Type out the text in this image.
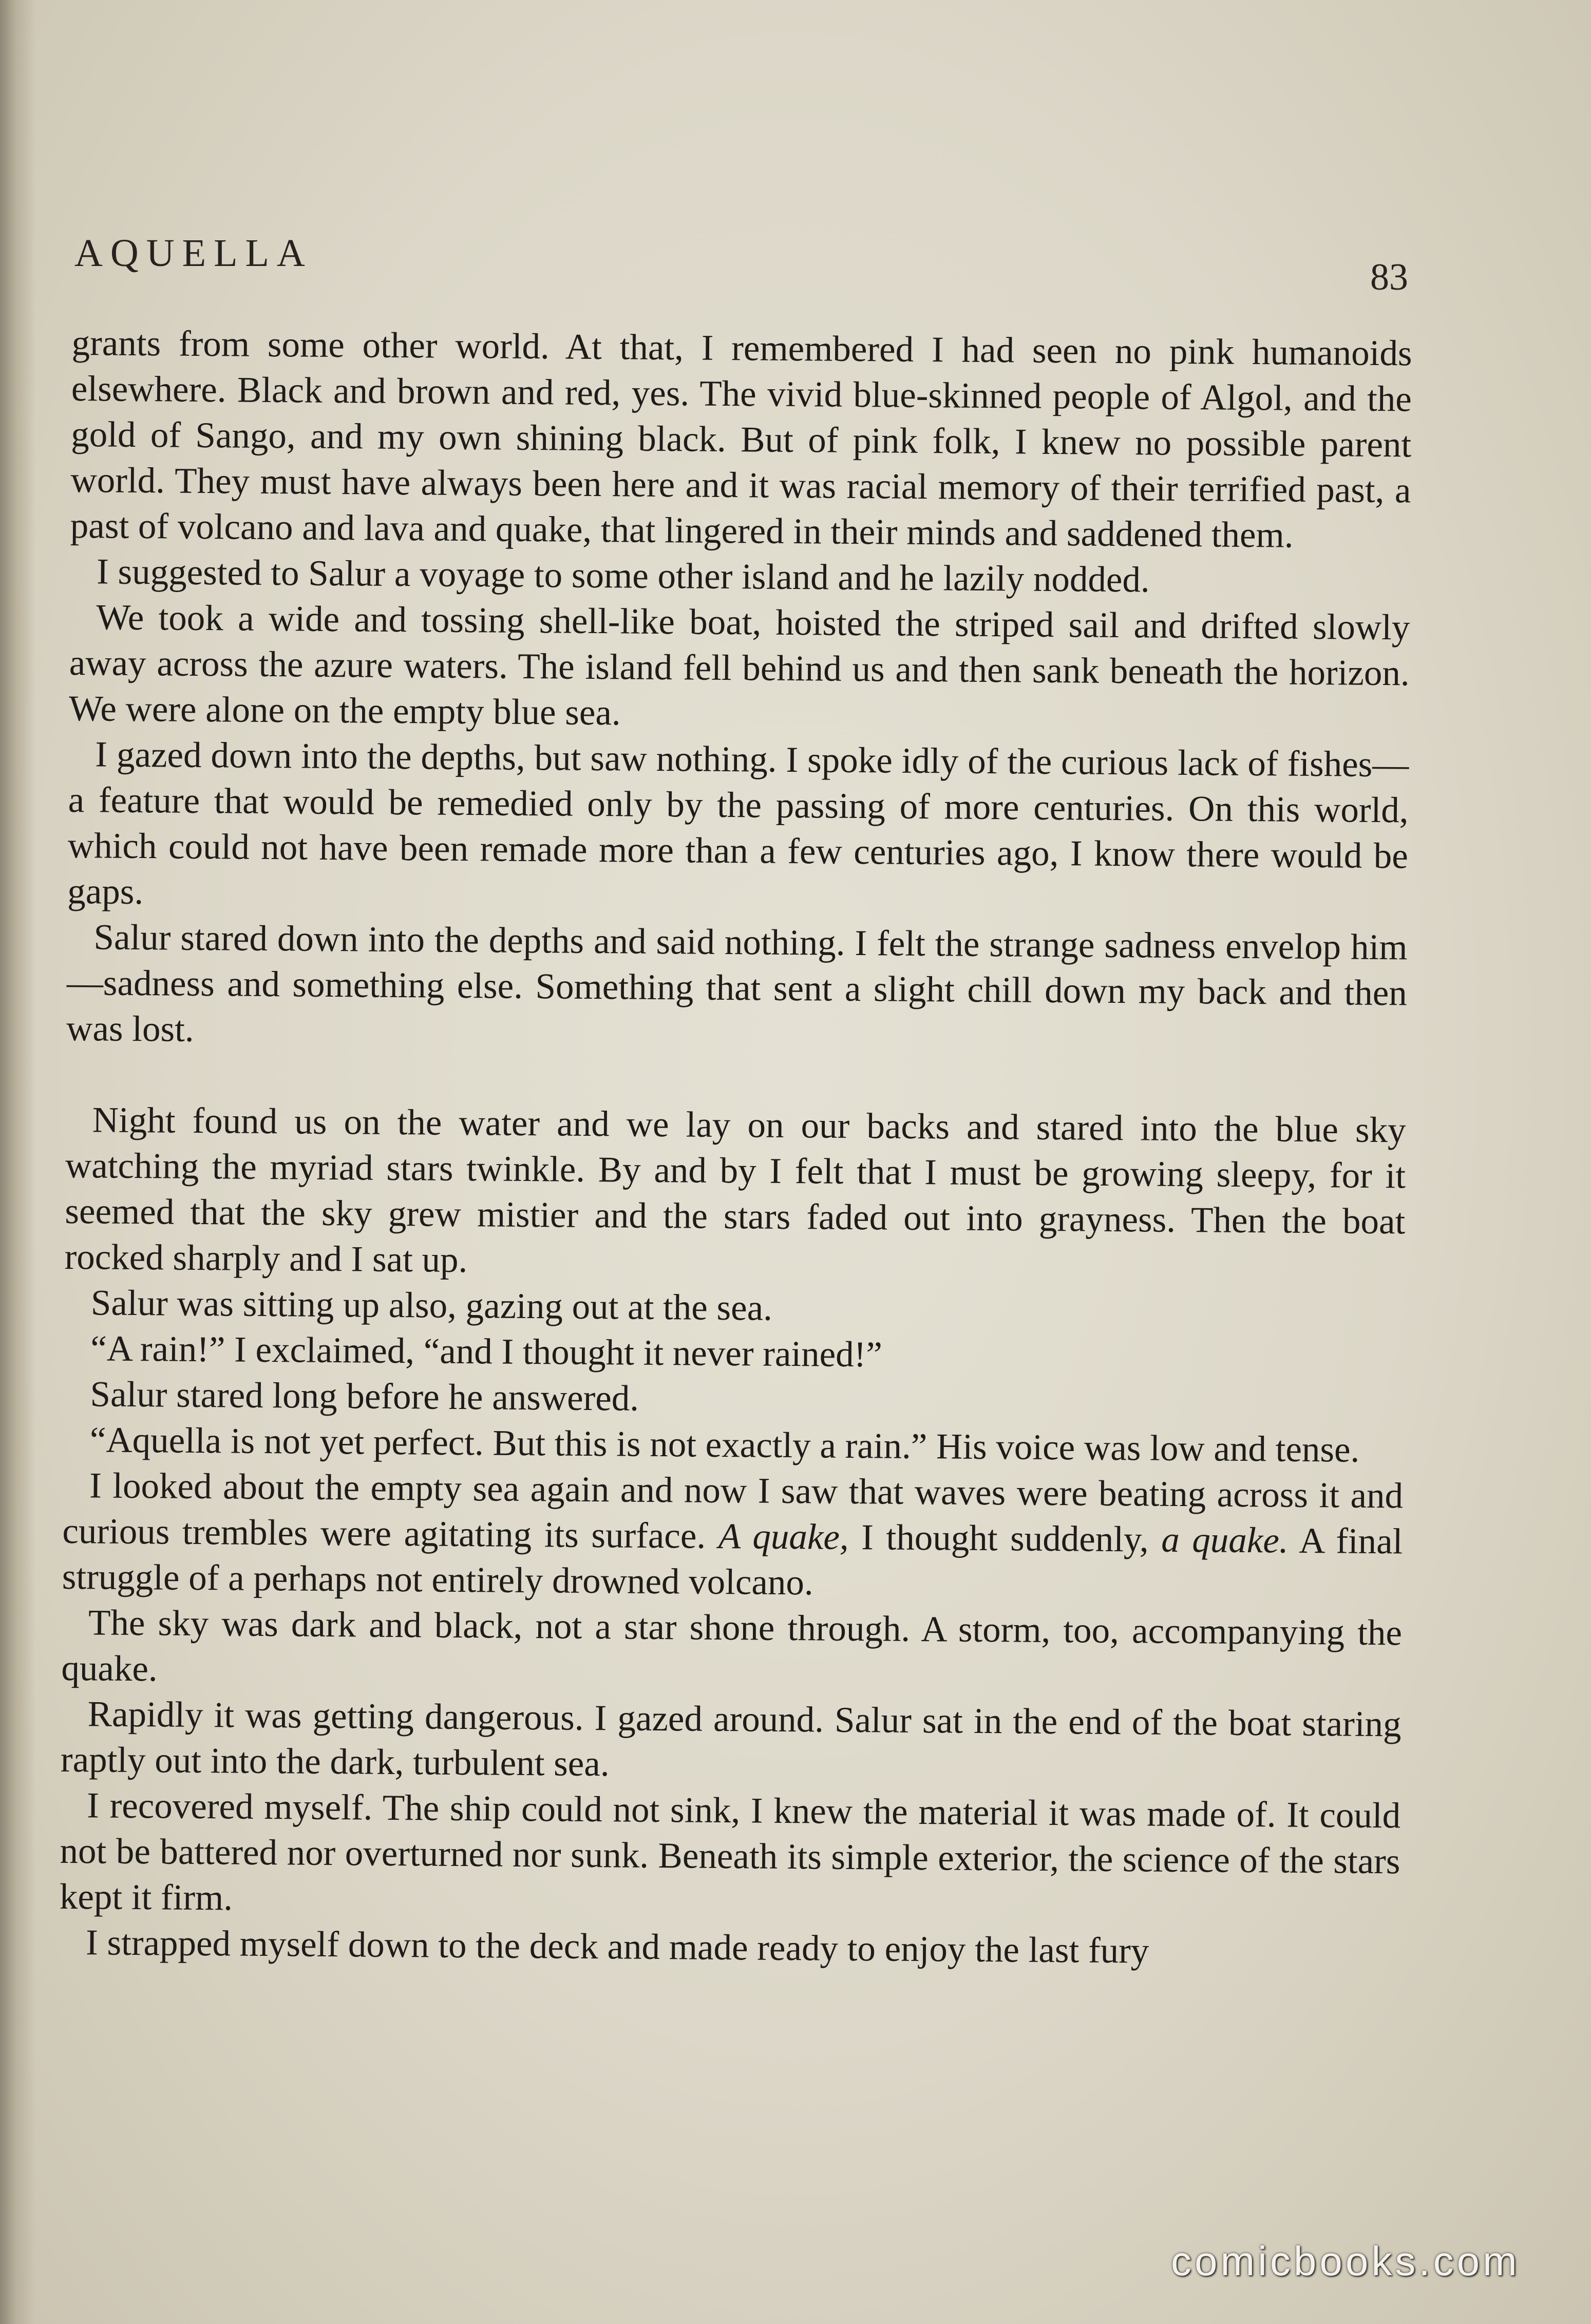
AQUELLA
83

grants from some other world. At that, I remembered I had seen no pink humanoids elsewhere. Black and brown and red, yes. The vivid blue-skinned people of Algol, and the gold of Sango, and my own shining black. But of pink folk, I knew no possible parent world. They must have always been here and it was racial memory of their terrified past, a past of volcano and lava and quake, that lingered in their minds and saddened them.

I suggested to Salur a voyage to some other island and he lazily nodded.

We took a wide and tossing shell-like boat, hoisted the striped sail and drifted slowly away across the azure waters. The island fell behind us and then sank beneath the horizon. We were alone on the empty blue sea.

I gazed down into the depths, but saw nothing. I spoke idly of the curious lack of fishes—a feature that would be remedied only by the passing of more centuries. On this world, which could not have been remade more than a few centuries ago, I know there would be gaps.

Salur stared down into the depths and said nothing. I felt the strange sadness envelop him—sadness and something else. Something that sent a slight chill down my back and then was lost.

Night found us on the water and we lay on our backs and stared into the blue sky watching the myriad stars twinkle. By and by I felt that I must be growing sleepy, for it seemed that the sky grew mistier and the stars faded out into grayness. Then the boat rocked sharply and I sat up.

Salur was sitting up also, gazing out at the sea.

“A rain!” I exclaimed, “and I thought it never rained!”

Salur stared long before he answered.

“Aquella is not yet perfect. But this is not exactly a rain.” His voice was low and tense.

I looked about the empty sea again and now I saw that waves were beating across it and curious trembles were agitating its surface. A quake, I thought suddenly, a quake. A final struggle of a perhaps not entirely drowned volcano.

The sky was dark and black, not a star shone through. A storm, too, accompanying the quake.

Rapidly it was getting dangerous. I gazed around. Salur sat in the end of the boat staring raptly out into the dark, turbulent sea.

I recovered myself. The ship could not sink, I knew the material it was made of. It could not be battered nor overturned nor sunk. Beneath its simple exterior, the science of the stars kept it firm.

I strapped myself down to the deck and made ready to enjoy the last fury

comicbooks.com
